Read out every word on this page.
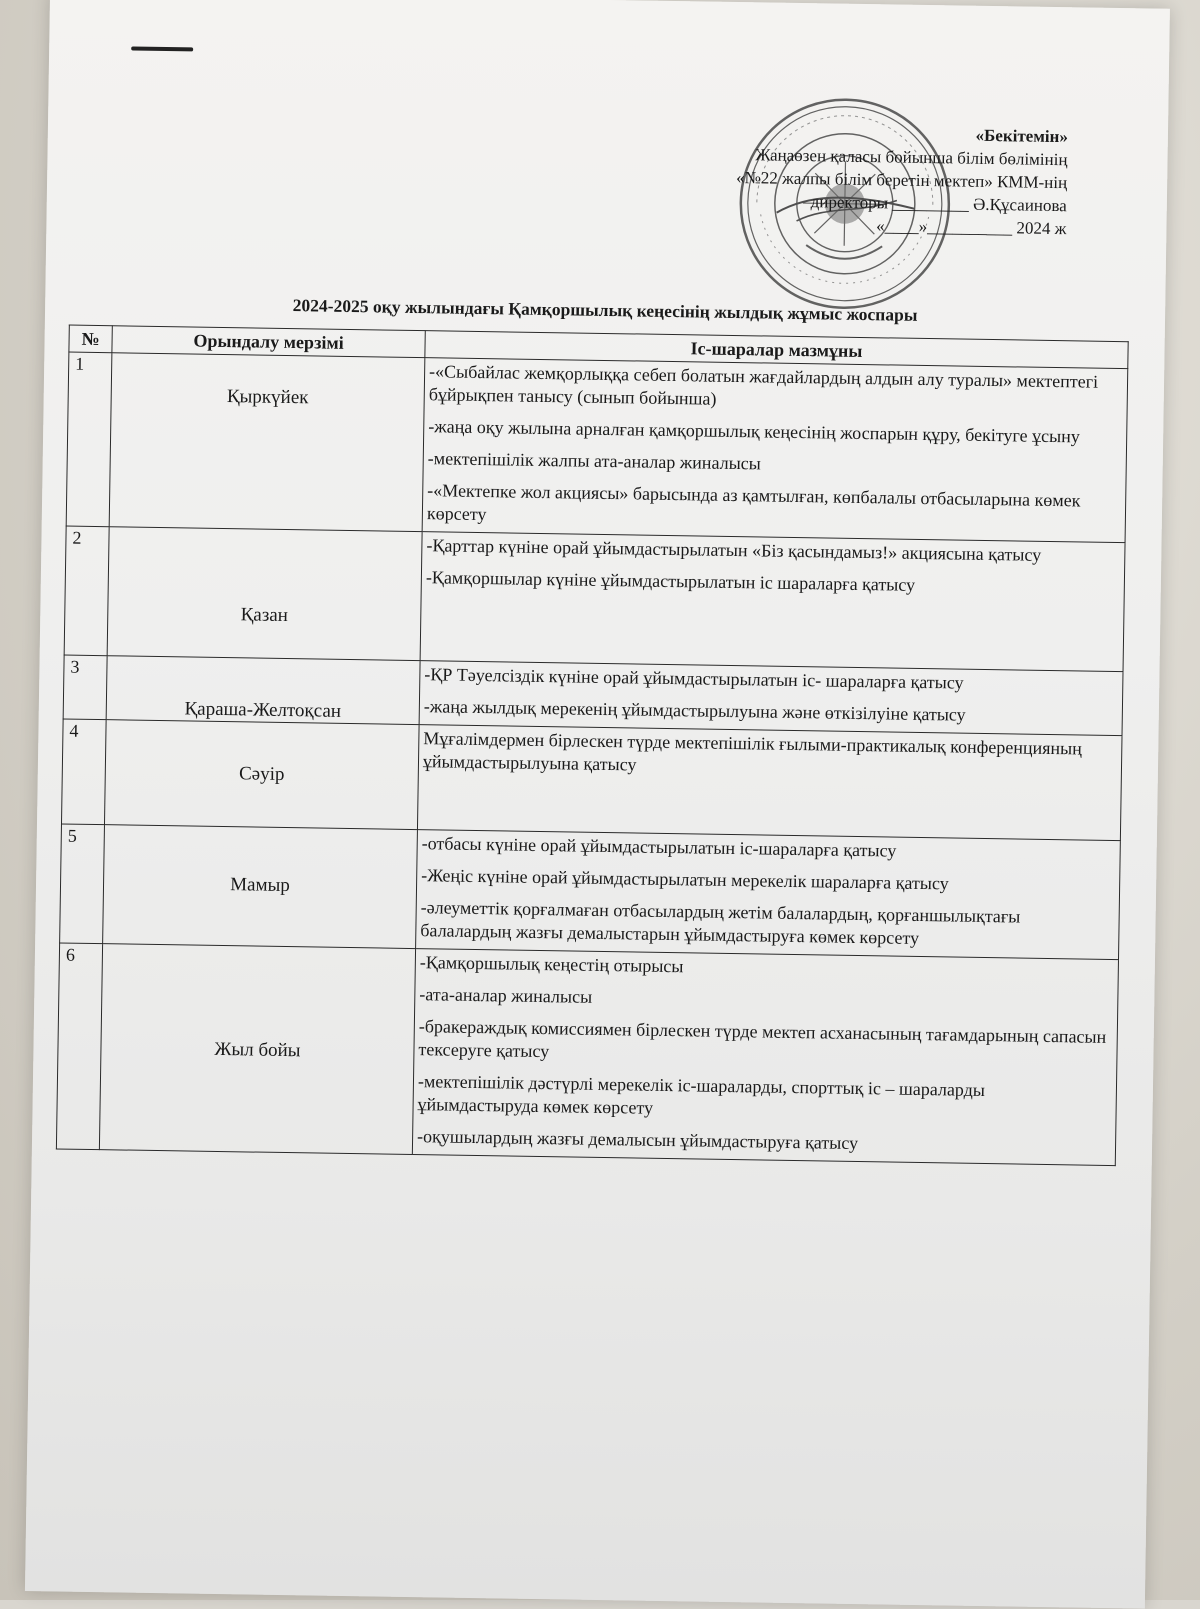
«Бекітемін»
Жаңаөзен қаласы бойынша білім бөлімінің
«№22 жалпы білім беретін мектеп» КММ-нің
директоры _________ Ә.Құсаинова
«____»__________ 2024 ж
2024-2025 оқу жылындағы Қамқоршылық кеңесінің жылдық жұмыс жоспары
№	Орындалу мерзімі	Іс-шаралар мазмұны
1	Қыркүйек	-«Сыбайлас жемқорлыққа себеп болатын жағдайлардың алдын алу туралы» мектептегі бұйрықпен танысу (сынып бойынша)
-жаңа оқу жылына арналған қамқоршылық кеңесінің жоспарын құру, бекітуге ұсыну
-мектепішілік жалпы ата-аналар жиналысы
-«Мектепке жол акциясы» барысында аз қамтылған, көпбалалы отбасыларына көмек көрсету

2	Қазан	-Қарттар күніне орай ұйымдастырылатын «Біз қасындамыз!» акциясына қатысу
-Қамқоршылар күніне ұйымдастырылатын іс шараларға қатысу

3	Қараша-Желтоқсан	-ҚР Тәуелсіздік күніне орай ұйымдастырылатын іс- шараларға қатысу
-жаңа жылдық мерекенің ұйымдастырылуына және өткізілуіне қатысу

4	Сәуір	Мұғалімдермен бірлескен түрде мектепішілік ғылыми-практикалық конференцияның ұйымдастырылуына қатысу

5	Мамыр	-отбасы күніне орай ұйымдастырылатын іс-шараларға қатысу
-Жеңіс күніне орай ұйымдастырылатын мерекелік шараларға қатысу
-әлеуметтік қорғалмаған отбасылардың жетім балалардың, қорғаншылықтағы балалардың жазғы демалыстарын ұйымдастыруға көмек көрсету

6	Жыл бойы	-Қамқоршылық кеңестің отырысы
-ата-аналар жиналысы
-бракераждық комиссиямен бірлескен түрде мектеп асханасының тағамдарының сапасын тексеруге қатысу
-мектепішілік дәстүрлі мерекелік іс-шараларды, спорттық іс – шараларды ұйымдастыруда көмек көрсету
-оқушылардың жазғы демалысын ұйымдастыруға қатысу
